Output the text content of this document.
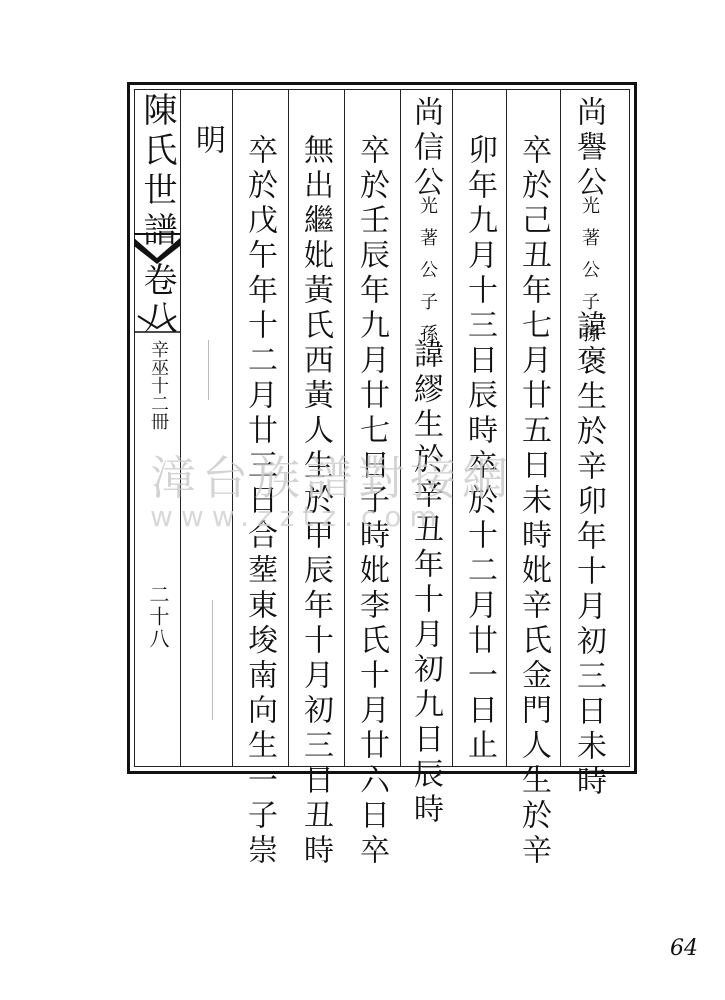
陳氏世譜
卷八
辛巫十二冊
二十八
尚譽公
光著公子孫
諱褒生於辛卯年十月初三日未時
卒於己丑年七月廿五日未時妣辛氏金門人生於辛
卯年九月十三日辰時卒於十二月廿一日止
尚信公
光著公子孫
諱繆生於辛丑年十月初九日辰時
卒於壬辰年九月廿七日子時妣李氏十月廿六日卒
無出繼妣黃氏西黃人生於甲辰年十月初三日丑時
卒於戊午年十二月廿三日合塟東埈南向生一子崇
明
漳台族譜對接網
www.zztz.com
64
